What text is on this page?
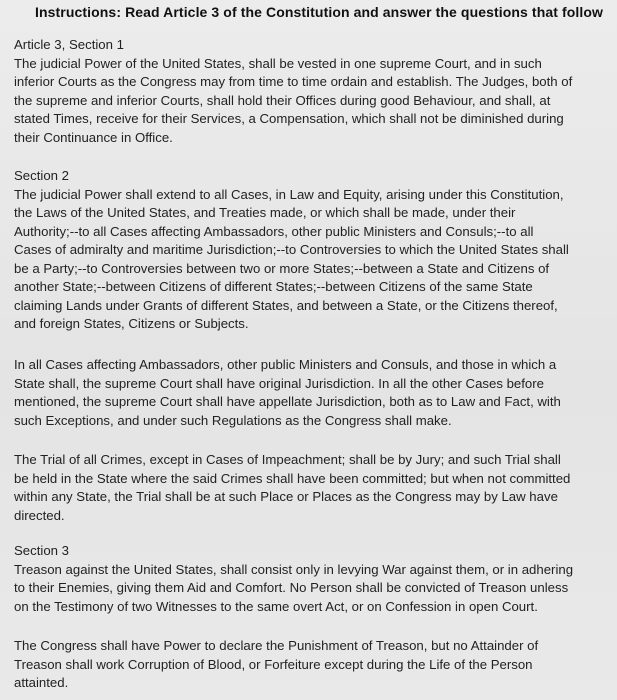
Instructions: Read Article 3 of the Constitution and answer the questions that follow
Article 3, Section 1
The judicial Power of the United States, shall be vested in one supreme Court, and in such
inferior Courts as the Congress may from time to time ordain and establish. The Judges, both of
the supreme and inferior Courts, shall hold their Offices during good Behaviour, and shall, at
stated Times, receive for their Services, a Compensation, which shall not be diminished during
their Continuance in Office.
Section 2
The judicial Power shall extend to all Cases, in Law and Equity, arising under this Constitution,
the Laws of the United States, and Treaties made, or which shall be made, under their
Authority;--to all Cases affecting Ambassadors, other public Ministers and Consuls;--to all
Cases of admiralty and maritime Jurisdiction;--to Controversies to which the United States shall
be a Party;--to Controversies between two or more States;--between a State and Citizens of
another State;--between Citizens of different States;--between Citizens of the same State
claiming Lands under Grants of different States, and between a State, or the Citizens thereof,
and foreign States, Citizens or Subjects.
In all Cases affecting Ambassadors, other public Ministers and Consuls, and those in which a
State shall, the supreme Court shall have original Jurisdiction. In all the other Cases before
mentioned, the supreme Court shall have appellate Jurisdiction, both as to Law and Fact, with
such Exceptions, and under such Regulations as the Congress shall make.
The Trial of all Crimes, except in Cases of Impeachment; shall be by Jury; and such Trial shall
be held in the State where the said Crimes shall have been committed; but when not committed
within any State, the Trial shall be at such Place or Places as the Congress may by Law have
directed.
Section 3
Treason against the United States, shall consist only in levying War against them, or in adhering
to their Enemies, giving them Aid and Comfort. No Person shall be convicted of Treason unless
on the Testimony of two Witnesses to the same overt Act, or on Confession in open Court.
The Congress shall have Power to declare the Punishment of Treason, but no Attainder of
Treason shall work Corruption of Blood, or Forfeiture except during the Life of the Person
attainted.
